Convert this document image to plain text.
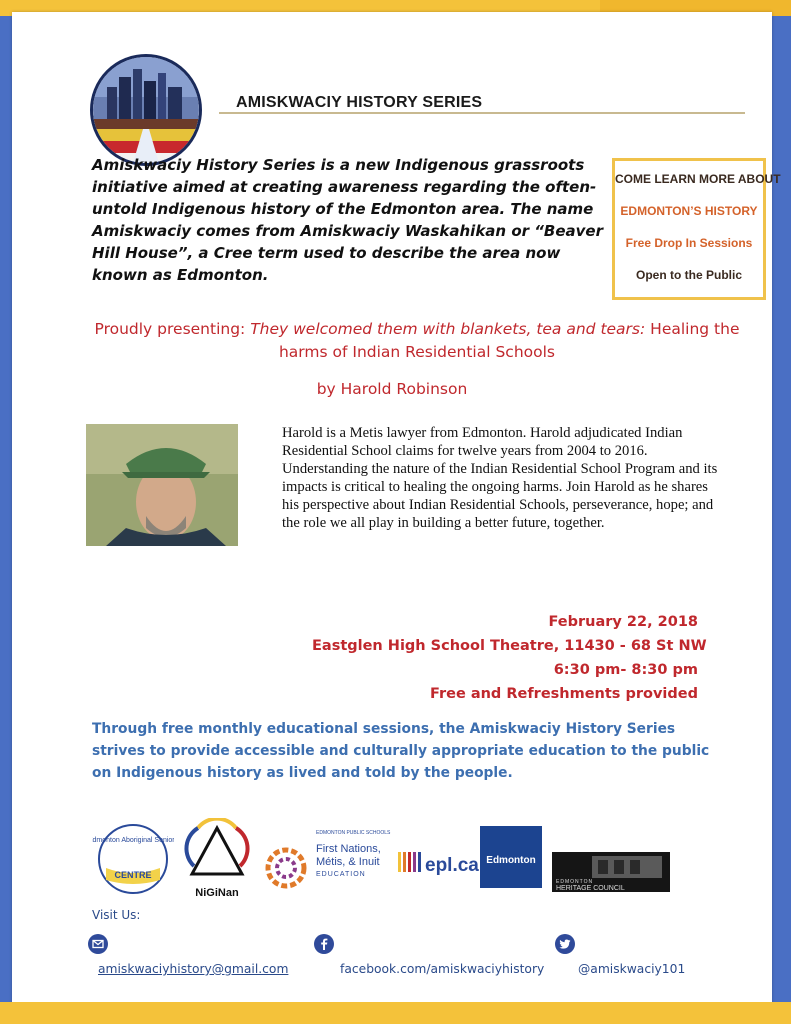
AMISKWACIY HISTORY SERIES
Amiskwaciy History Series is a new Indigenous grassroots initiative aimed at creating awareness regarding the often-untold Indigenous history of the Edmonton area. The name Amiskwaciy comes from Amiskwaciy Waskahikan or “Beaver Hill House”, a Cree term used to describe the area now known as Edmonton.
COME LEARN MORE ABOUT
EDMONTON’S HISTORY
Free Drop In Sessions
Open to the Public
Proudly presenting: They welcomed them with blankets, tea and tears: Healing the harms of Indian Residential Schools
by Harold Robinson
Harold is a Metis lawyer from Edmonton. Harold adjudicated Indian Residential School claims for twelve years from 2004 to 2016. Understanding the nature of the Indian Residential School Program and its impacts is critical to healing the ongoing harms. Join Harold as he shares his perspective about Indian Residential Schools, perseverance, hope; and the role we all play in building a better future, together.
February 22, 2018
Eastglen High School Theatre, 11430 - 68 St NW
6:30 pm- 8:30 pm
Free and Refreshments provided
Through free monthly educational sessions, the Amiskwaciy History Series strives to provide accessible and culturally appropriate education to the public on Indigenous history as lived and told by the people.
Edmonton Aboriginal Seniors
CENTRE
NiGiNan
EDMONTON PUBLIC SCHOOLS
First Nations,
Métis, & Inuit
EDUCATION	epl.ca Edmonton
EDMONTON
HERITAGE COUNCIL
Visit Us:
amiskwaciyhistory@gmail.com	facebook.com/amiskwaciyhistory	@amiskwaciy101
